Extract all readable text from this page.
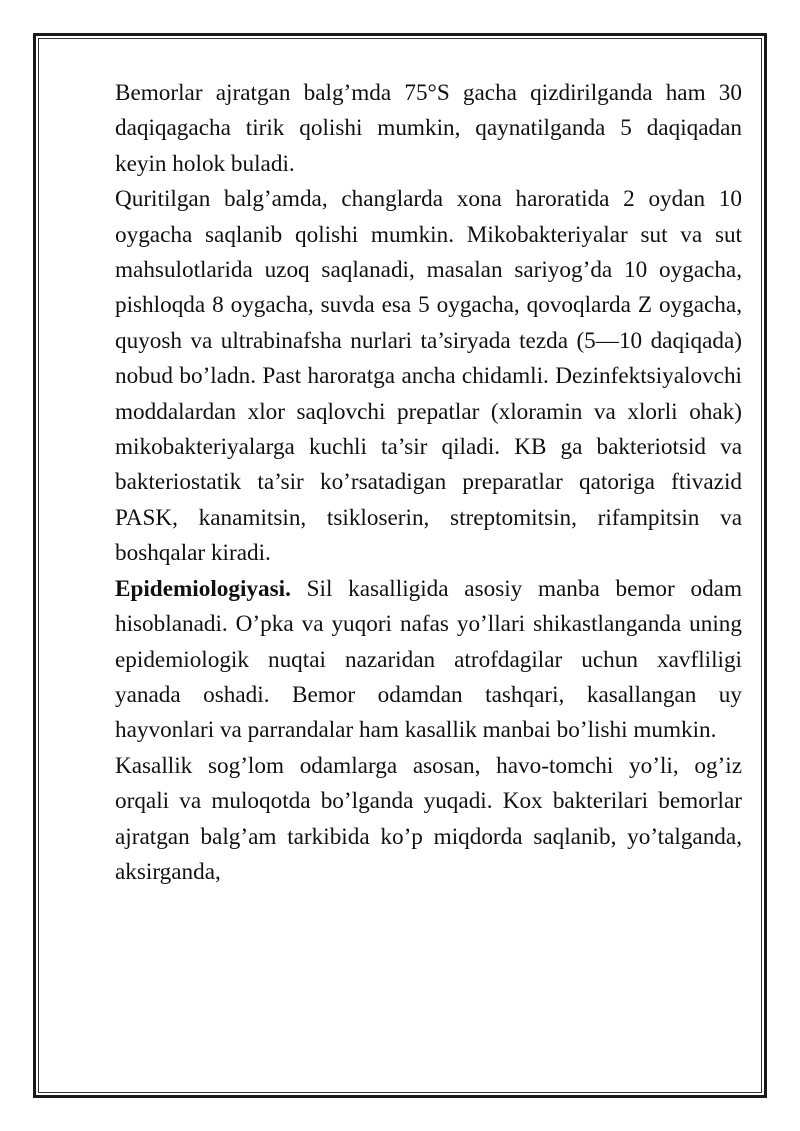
Bemorlar ajratgan balg’mda 75°S gacha qizdirilganda ham 30 daqiqagacha tirik qolishi mumkin, qaynatilganda 5 daqiqadan keyin holok buladi.

Quritilgan balg’amda, changlarda xona haroratida 2 oydan 10 oygacha saqlanib qolishi mumkin. Mikobakteriyalar sut va sut mahsulotlarida uzoq saqlanadi, masalan sariyog’da 10 oygacha, pishloqda 8 oygacha, suvda esa 5 oygacha, qovoqlarda Z oygacha, quyosh va ultrabinafsha nurlari ta’siryada tezda (5—10 daqiqada) nobud bo’ladn. Past haroratga ancha chidamli. Dezinfektsiyalovchi moddalardan xlor saqlovchi prepatlar (xloramin va xlorli ohak) mikobakteriyalarga kuchli ta’sir qiladi. KB ga bakteriotsid va bakteriostatik ta’sir ko’rsatadigan preparatlar qatoriga ftivazid PASK, kanamitsin, tsikloserin, streptomitsin, rifampitsin va boshqalar kiradi.

Epidemiologiyasi. Sil kasalligida asosiy manba bemor odam hisoblanadi. O’pka va yuqori nafas yo’llari shikastlanganda uning epidemiologik nuqtai nazaridan atrofdagilar uchun xavfliligi yanada oshadi. Bemor odamdan tashqari, kasallangan uy hayvonlari va parrandalar ham kasallik manbai bo’lishi mumkin.

Kasallik sog’lom odamlarga asosan, havo-tomchi yo’li, og’iz orqali va muloqotda bo’lganda yuqadi. Kox bakterilari bemorlar ajratgan balg’am tarkibida ko’p miqdorda saqlanib, yo’talganda, aksirganda,
